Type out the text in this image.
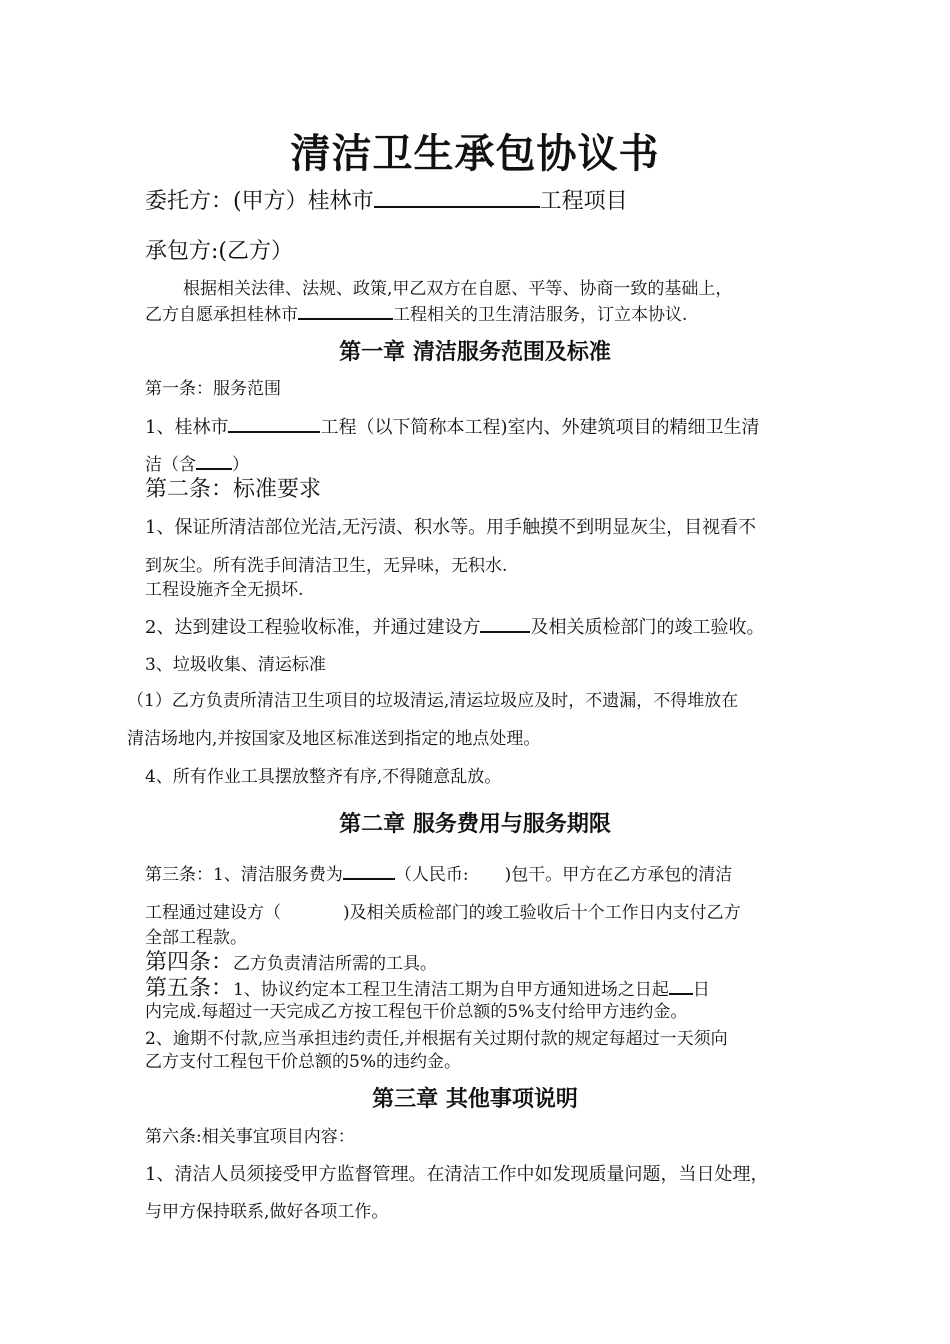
清洁卫生承包协议书
委托方：(甲方）桂林市	工程项目
承包方:(乙方）
根据相关法律、法规、政策,甲乙双方在自愿、平等、协商一致的基础上，
乙方自愿承担桂林市	工程相关的卫生清洁服务，订立本协议.
第一章 清洁服务范围及标准
第一条：服务范围
1、桂林市	工程（以下简称本工程)室内、外建筑项目的精细卫生清
洁（含 ）
第二条：标准要求
1、保证所清洁部位光洁,无污渍、积水等。用手触摸不到明显灰尘，目视看不
到灰尘。所有洗手间清洁卫生，无异味，无积水.
工程设施齐全无损坏.
2、达到建设工程验收标准，并通过建设方	及相关质检部门的竣工验收。
3、垃圾收集、清运标准
（1）乙方负责所清洁卫生项目的垃圾清运,清运垃圾应及时，不遗漏，不得堆放在
清洁场地内,并按国家及地区标准送到指定的地点处理。
4、所有作业工具摆放整齐有序,不得随意乱放。
第二章 服务费用与服务期限
第三条：1、清洁服务费为	（人民币: )包干。甲方在乙方承包的清洁
工程通过建设方（	)及相关质检部门的竣工验收后十个工作日内支付乙方
全部工程款。
第四条：乙方负责清洁所需的工具。
第五条：1、协议约定本工程卫生清洁工期为自甲方通知进场之日起 日
内完成.每超过一天完成乙方按工程包干价总额的5%支付给甲方违约金。
2、逾期不付款,应当承担违约责任,并根据有关过期付款的规定每超过一天须向
乙方支付工程包干价总额的5%的违约金。
第三章 其他事项说明
第六条:相关事宜项目内容：
1、清洁人员须接受甲方监督管理。在清洁工作中如发现质量问题，当日处理，
与甲方保持联系,做好各项工作。
